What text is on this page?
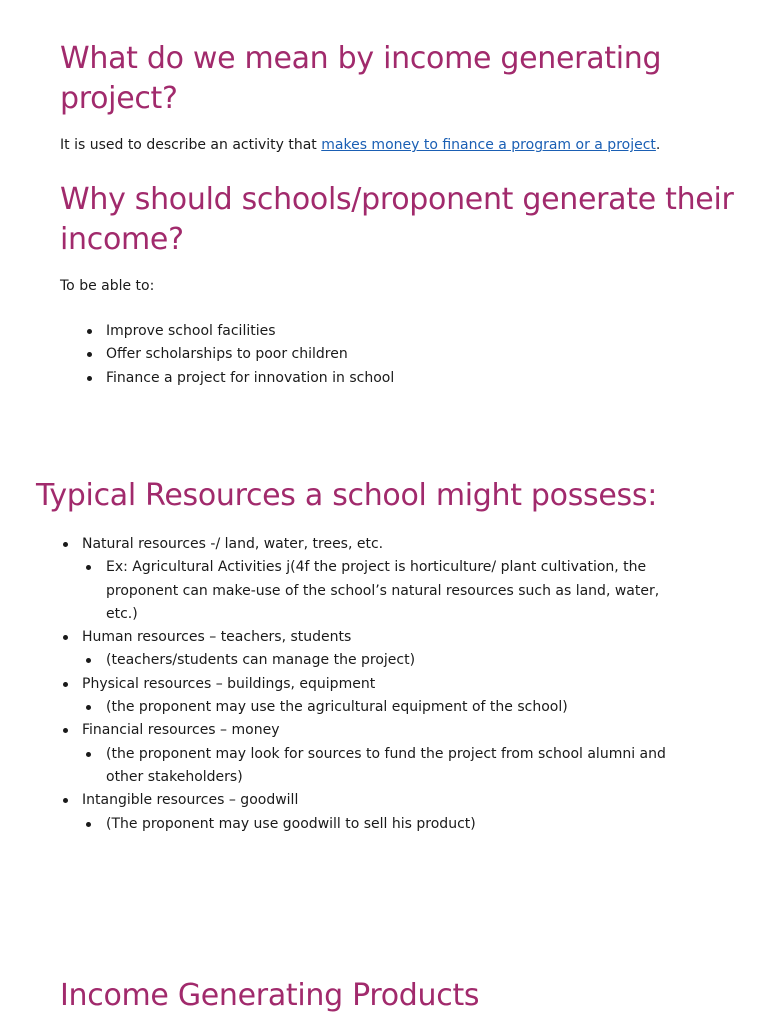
What do we mean by income generating project?

It is used to describe an activity that makes money to finance a program or a project.

Why should schools/proponent generate their income?

To be able to:

Improve school facilities
Offer scholarships to poor children
Finance a project for innovation in school
Typical Resources a school might possess:
Natural resources -/ land, water, trees, etc.
Ex: Agricultural Activities j(4f the project is horticulture/ plant cultivation, the proponent can make-use of the school’s natural resources such as land, water, etc.)
Human resources – teachers, students
(teachers/students can manage the project)
Physical resources – buildings, equipment
(the proponent may use the agricultural equipment of the school)
Financial resources – money
(the proponent may look for sources to fund the project from school alumni and other stakeholders)
Intangible resources – goodwill
(The proponent may use goodwill to sell his product)
Income Generating Products
